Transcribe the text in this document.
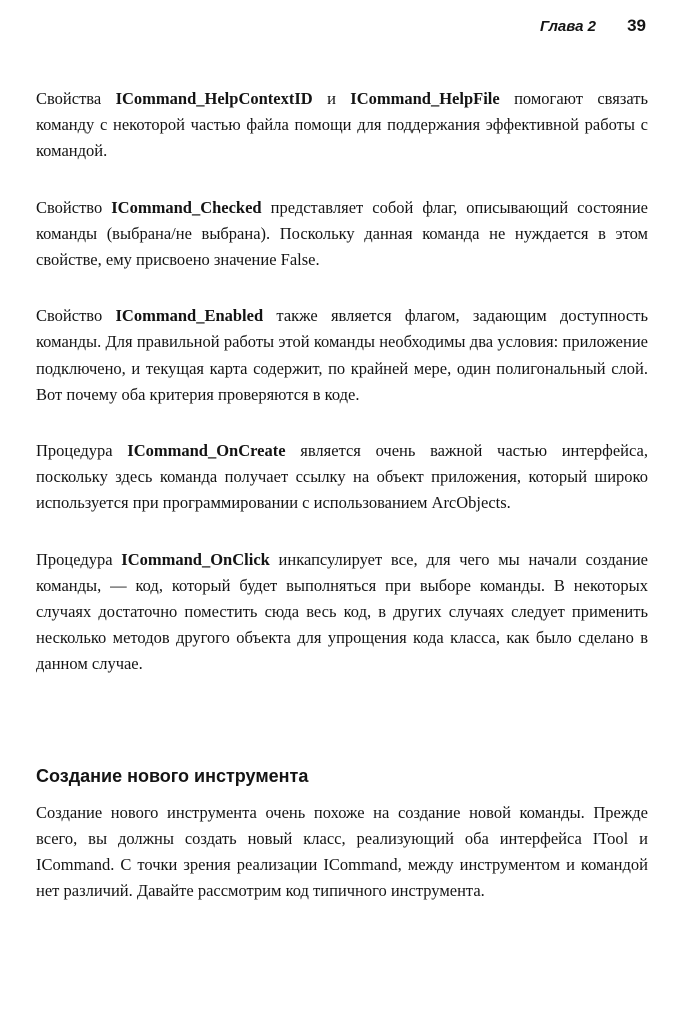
Глава 2 39

Свойства ICommand_HelpContextID и ICommand_HelpFile помогают связать команду с некоторой частью файла помощи для поддержания эффективной работы с командой.

Свойство ICommand_Checked представляет собой флаг, описывающий состояние команды (выбрана/не выбрана). Поскольку данная команда не нуждается в этом свойстве, ему присвоено значение False.

Свойство ICommand_Enabled также является флагом, задающим доступность команды. Для правильной работы этой команды необходимы два условия: приложение подключено, и текущая карта содержит, по крайней мере, один полигональный слой. Вот почему оба критерия проверяются в коде.

Процедура ICommand_OnCreate является очень важной частью интерфейса, поскольку здесь команда получает ссылку на объект приложения, который широко используется при программировании с использованием ArcObjects.

Процедура ICommand_OnClick инкапсулирует все, для чего мы начали создание команды, — код, который будет выполняться при выборе команды. В некоторых случаях достаточно поместить сюда весь код, в других случаях следует применить несколько методов другого объекта для упрощения кода класса, как было сделано в данном случае.

Создание нового инструмента

Создание нового инструмента очень похоже на создание новой команды. Прежде всего, вы должны создать новый класс, реализующий оба интерфейса ITool и ICommand. С точки зрения реализации ICommand, между инструментом и командой нет различий. Давайте рассмотрим код типичного инструмента.
